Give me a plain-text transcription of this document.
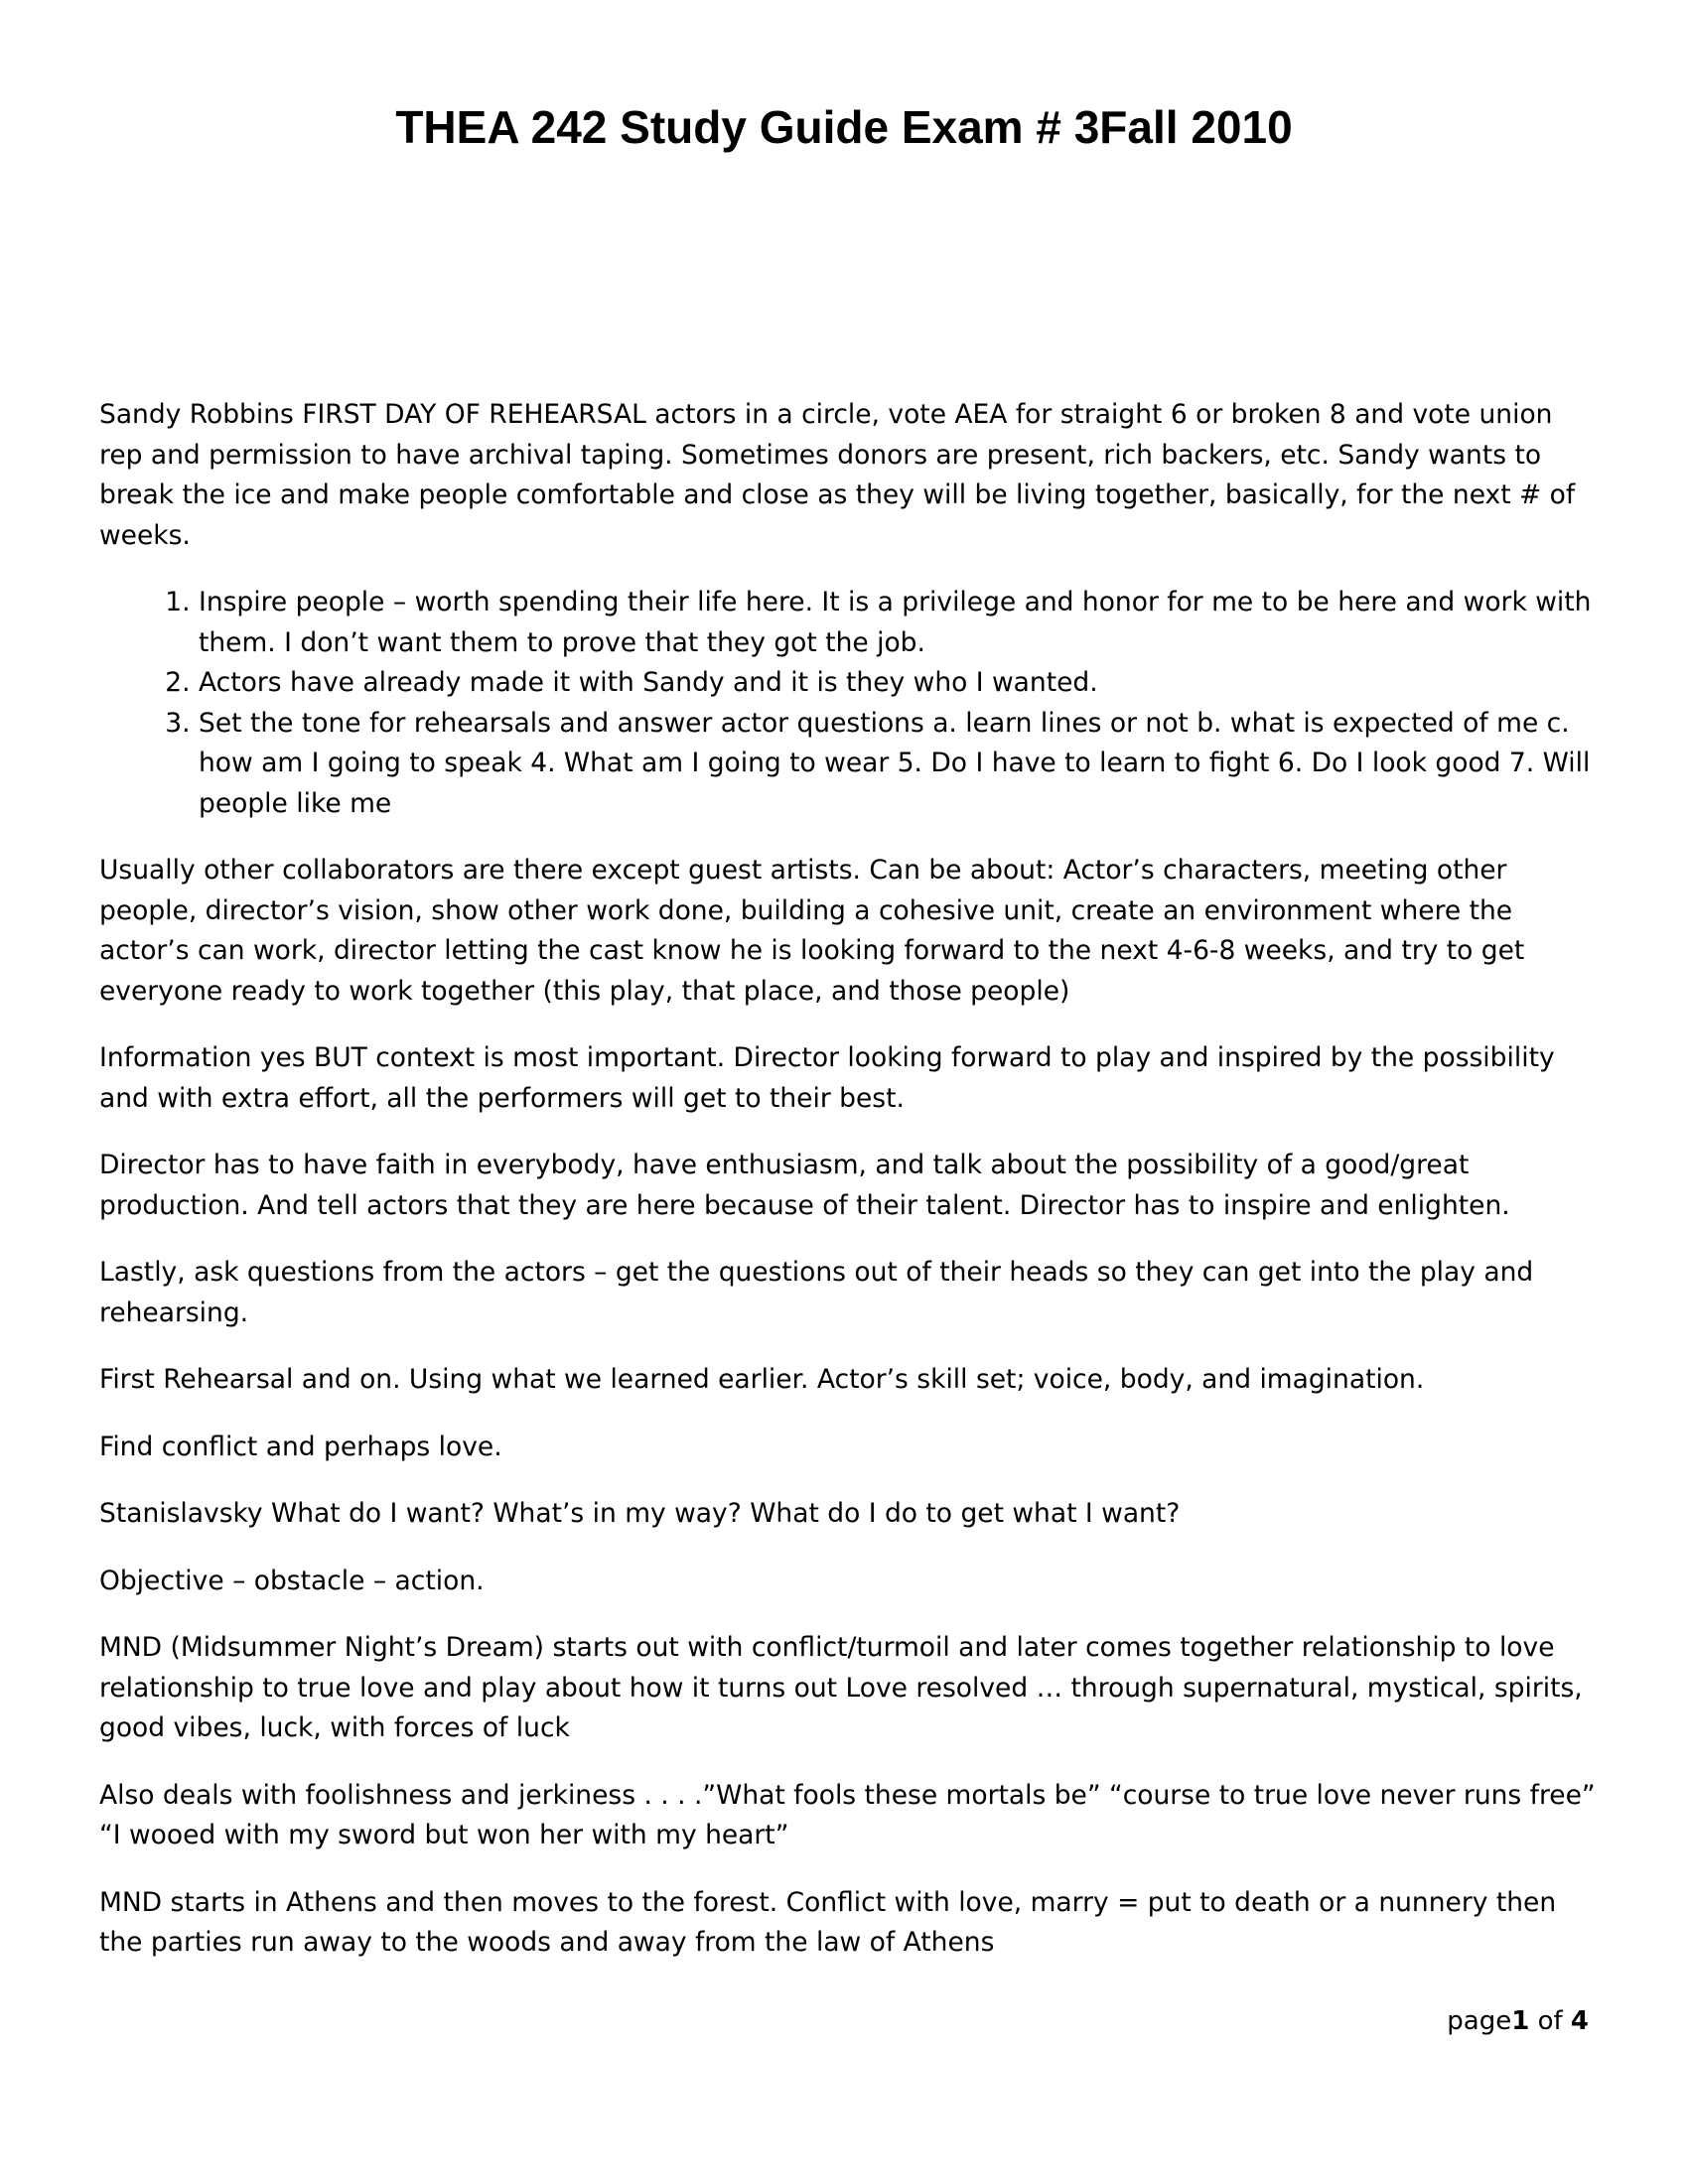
THEA 242 Study Guide Exam # 3Fall 2010

Sandy Robbins FIRST DAY OF REHEARSAL actors in a circle, vote AEA for straight 6 or broken 8 and vote union rep and permission to have archival taping. Sometimes donors are present, rich backers, etc. Sandy wants to break the ice and make people comfortable and close as they will be living together, basically, for the next # of weeks.

1. Inspire people – worth spending their life here. It is a privilege and honor for me to be here and work with them. I don’t want them to prove that they got the job.
2. Actors have already made it with Sandy and it is they who I wanted.
3. Set the tone for rehearsals and answer actor questions a. learn lines or not b. what is expected of me c. how am I going to speak 4. What am I going to wear 5. Do I have to learn to fight 6. Do I look good 7. Will people like me

Usually other collaborators are there except guest artists. Can be about: Actor’s characters, meeting other people, director’s vision, show other work done, building a cohesive unit, create an environment where the actor’s can work, director letting the cast know he is looking forward to the next 4-6-8 weeks, and try to get everyone ready to work together (this play, that place, and those people)

Information yes BUT context is most important. Director looking forward to play and inspired by the possibility and with extra effort, all the performers will get to their best.

Director has to have faith in everybody, have enthusiasm, and talk about the possibility of a good/great production. And tell actors that they are here because of their talent. Director has to inspire and enlighten.

Lastly, ask questions from the actors – get the questions out of their heads so they can get into the play and rehearsing.

First Rehearsal and on. Using what we learned earlier. Actor’s skill set; voice, body, and imagination.

Find conflict and perhaps love.

Stanislavsky What do I want? What’s in my way? What do I do to get what I want?

Objective – obstacle – action.

MND (Midsummer Night’s Dream) starts out with conflict/turmoil and later comes together relationship to love relationship to true love and play about how it turns out Love resolved … through supernatural, mystical, spirits, good vibes, luck, with forces of luck

Also deals with foolishness and jerkiness . . . .”What fools these mortals be” “course to true love never runs free” “I wooed with my sword but won her with my heart”

MND starts in Athens and then moves to the forest. Conflict with love, marry = put to death or a nunnery then the parties run away to the woods and away from the law of Athens

page1 of 4
